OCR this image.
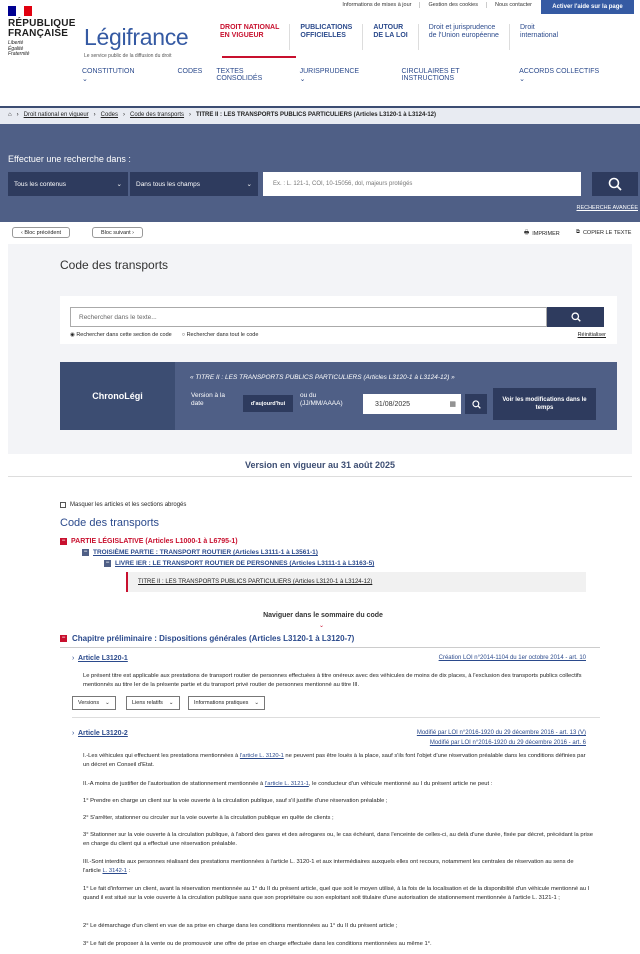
Informations de mises à jour	Gestion des cookies	Nous contacter	Activer l'aide sur la page
RÉPUBLIQUE
FRANÇAISE
Liberté
Égalité
Fraternité
Légifrance
Le service public de la diffusion du droit
DROIT NATIONAL
EN VIGUEUR
PUBLICATIONS
OFFICIELLES
AUTOUR
DE LA LOI
Droit et jurisprudence
de l'Union européenne
Droit
international
CONSTITUTION ⌄
CODES TEXTES CONSOLIDÉS
JURISPRUDENCE ⌄
CIRCULAIRES ET INSTRUCTIONS
ACCORDS COLLECTIFS ⌄
⌂ › Droit national en vigueur › Codes › Code des transports › TITRE II : LES TRANSPORTS PUBLICS PARTICULIERS (Articles L3120-1 à L3124-12)
Effectuer une recherche dans :
Tous les contenus	⌄ Dans tous les champs	⌄	Ex. : L. 121-1, COI, 10-15056, dol, majeurs protégés
RECHERCHE AVANCÉE
‹ Bloc précédent	Bloc suivant ›	🖶 IMPRIMER	⧉ COPIER LE TEXTE
Code des transports
Rechercher dans le texte...
◉ Rechercher dans cette section de code ○ Rechercher dans tout le code	Réinitialiser
ChronoLégi
« TITRE II : LES TRANSPORTS PUBLICS PARTICULIERS (Articles L3120-1 à L3124-12) »
Version à la
date	d'aujourd'hui
ou du
(JJ/MM/AAAA)	31/08/2025	▦
Voir les modifications dans le temps
Version en vigueur au 31 août 2025
Masquer les articles et les sections abrogés
Code des transports
− PARTIE LÉGISLATIVE (Articles L1000-1 à L6795-1)
− TROISIÈME PARTIE : TRANSPORT ROUTIER (Articles L3111-1 à L3561-1)
− LIVRE IER : LE TRANSPORT ROUTIER DE PERSONNES (Articles L3111-1 à L3163-5)
TITRE II : LES TRANSPORTS PUBLICS PARTICULIERS (Articles L3120-1 à L3124-12)
Naviguer dans le sommaire du code
⌄
− Chapitre préliminaire : Dispositions générales (Articles L3120-1 à L3120-7)
› Article L3120-1	Création LOI n°2014-1104 du 1er octobre 2014 - art. 10
Le présent titre est applicable aux prestations de transport routier de personnes effectuées à titre onéreux avec des véhicules de moins de dix places, à l'exclusion des transports publics collectifs mentionnés au titre Ier de la présente partie et du transport privé routier de personnes mentionné au titre III.
Versions ⌄	Liens relatifs ⌄	Informations pratiques ⌄
› Article L3120-2	Modifié par LOI n°2016-1920 du 29 décembre 2016 - art. 13 (V)
Modifié par LOI n°2016-1920 du 29 décembre 2016 - art. 6
I.-Les véhicules qui effectuent les prestations mentionnées à l'article L. 3120-1 ne peuvent pas être loués à la place, sauf s'ils font l'objet d'une réservation préalable dans les conditions définies par un décret en Conseil d'Etat.
II.-A moins de justifier de l'autorisation de stationnement mentionnée à l'article L. 3121-1, le conducteur d'un véhicule mentionné au I du présent article ne peut :
1° Prendre en charge un client sur la voie ouverte à la circulation publique, sauf s'il justifie d'une réservation préalable ;
2° S'arrêter, stationner ou circuler sur la voie ouverte à la circulation publique en quête de clients ;
3° Stationner sur la voie ouverte à la circulation publique, à l'abord des gares et des aérogares ou, le cas échéant, dans l'enceinte de celles-ci, au delà d'une durée, fixée par décret, précédant la prise en charge du client qui a effectué une réservation préalable.
III.-Sont interdits aux personnes réalisant des prestations mentionnées à l'article L. 3120-1 et aux intermédiaires auxquels elles ont recours, notamment les centrales de réservation au sens de l'article L. 3142-1 :
1° Le fait d'informer un client, avant la réservation mentionnée au 1° du II du présent article, quel que soit le moyen utilisé, à la fois de la localisation et de la disponibilité d'un véhicule mentionné au I quand il est situé sur la voie ouverte à la circulation publique sans que son propriétaire ou son exploitant soit titulaire d'une autorisation de stationnement mentionnée à l'article L. 3121-1 ;
2° Le démarchage d'un client en vue de sa prise en charge dans les conditions mentionnées au 1° du II du présent article ;
3° Le fait de proposer à la vente ou de promouvoir une offre de prise en charge effectuée dans les conditions mentionnées au même 1°.
